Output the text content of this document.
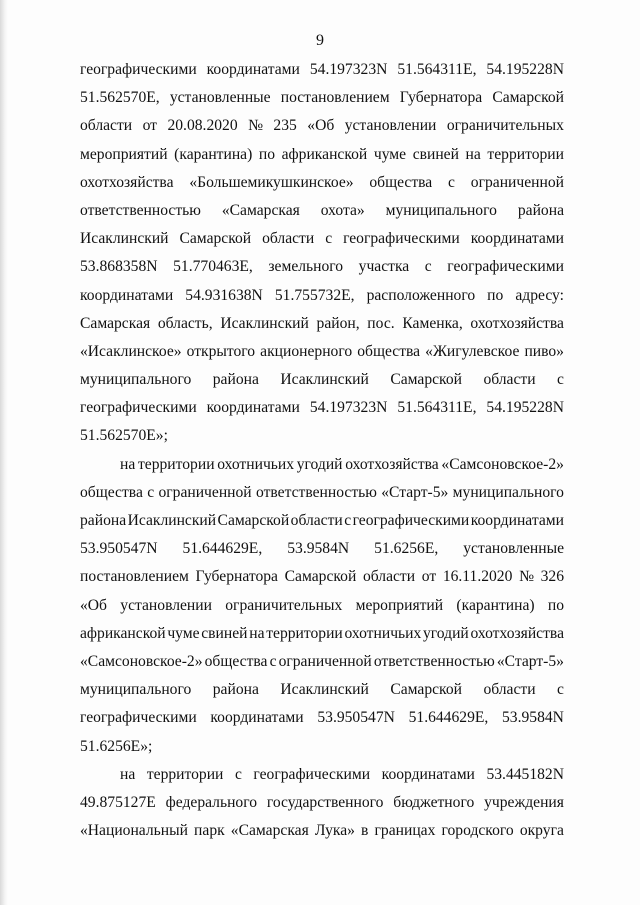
9
географическими координатами 54.197323N 51.564311E, 54.195228N
51.562570E, установленные постановлением Губернатора Самарской
области от 20.08.2020 № 235 «Об установлении ограничительных
мероприятий (карантина) по африканской чуме свиней на территории
охотхозяйства «Большемикушкинское» общества с ограниченной
ответственностью «Самарская охота» муниципального района
Исаклинский Самарской области с географическими координатами
53.868358N 51.770463E, земельного участка с географическими
координатами 54.931638N 51.755732E, расположенного по адресу:
Самарская область, Исаклинский район, пос. Каменка, охотхозяйства
«Исаклинское» открытого акционерного общества «Жигулевское пиво»
муниципального района Исаклинский Самарской области с
географическими координатами 54.197323N 51.564311E, 54.195228N
51.562570E»;
на территории охотничьих угодий охотхозяйства «Самсоновское-2»
общества с ограниченной ответственностью «Старт-5» муниципального
района Исаклинский Самарской области с географическими координатами
53.950547N 51.644629E, 53.9584N 51.6256E, установленные
постановлением Губернатора Самарской области от 16.11.2020 № 326
«Об установлении ограничительных мероприятий (карантина) по
африканской чуме свиней на территории охотничьих угодий охотхозяйства
«Самсоновское-2» общества с ограниченной ответственностью «Старт-5»
муниципального района Исаклинский Самарской области с
географическими координатами 53.950547N 51.644629E, 53.9584N
51.6256E»;
на территории с географическими координатами 53.445182N
49.875127E федерального государственного бюджетного учреждения
«Национальный парк «Самарская Лука» в границах городского округа
